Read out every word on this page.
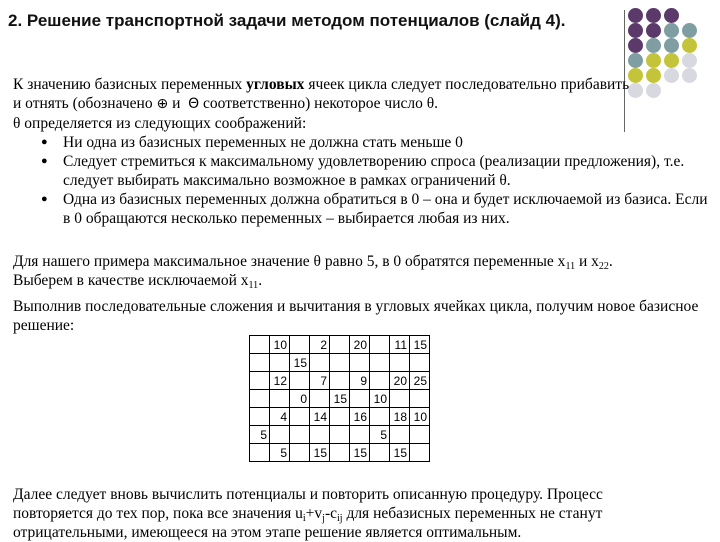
2. Решение транспортной задачи методом потенциалов (слайд 4).

К значению базисных переменных угловых ячеек цикла следует последовательно прибавить

и отнять (обозначено ⊕ и  Θ соответственно) некоторое число θ.

θ определяется из следующих соображений:

● Ни одна из базисных переменных не должна стать меньше 0
● Следует стремиться к максимальному удовлетворению спроса (реализации предложения), т.е. следует выбирать максимально возможное в рамках ограничений θ.
● Одна из базисных переменных должна обратиться в 0 – она и будет исключаемой из базиса. Если в 0 обращаются несколько переменных – выбирается любая из них.

Для нашего примера максимальное значение θ равно 5, в 0 обратятся переменные $x_{11}$ и $x_{22}$.

Выберем в качестве исключаемой $x_{11}$.

Выполнив последовательные сложения и вычитания в угловых ячейках цикла, получим новое базисное решение:
	10		2		20		11	15
		15						
	12		7		9		20	25
		0		15		10		
	4		14		16		18	10
5						5		
	5		15		15		15	

Далее следует вновь вычислить потенциалы и повторить описанную процедуру. Процесс

повторяется до тех пор, пока все значения $u_i+v_j-c_{ij}$ для небазисных переменных не станут

отрицательными, имеющееся на этом этапе решение является оптимальным.
